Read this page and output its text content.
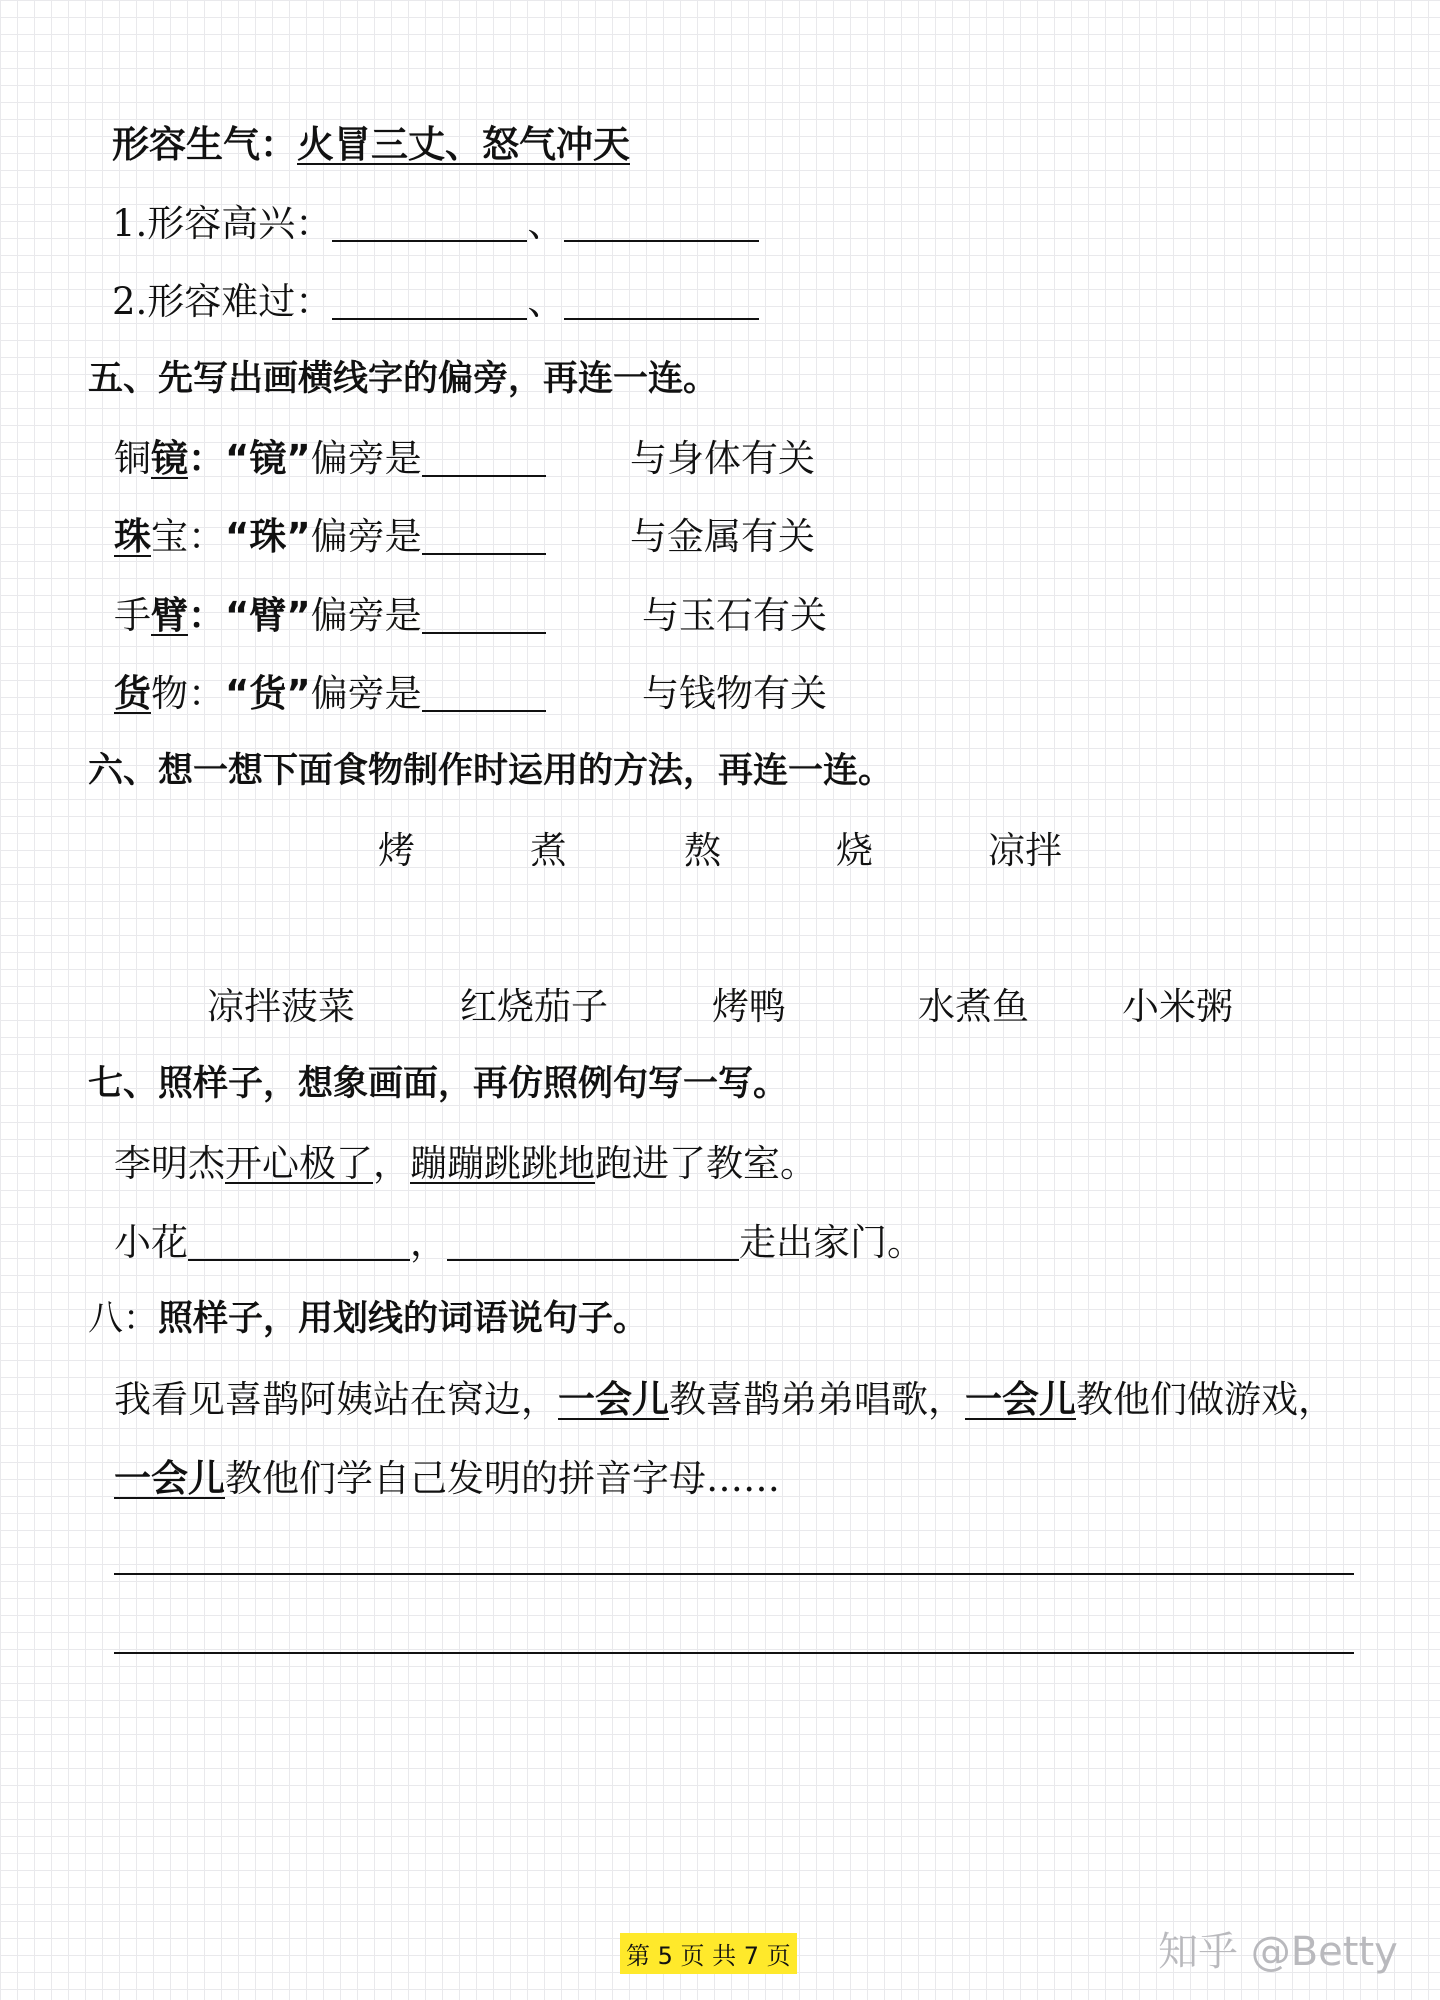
形容生气：火冒三丈、怒气冲天
1.形容高兴：	、
2.形容难过：	、
五、先写出画横线字的偏旁，再连一连。
铜镜：“镜”偏旁是	与身体有关
珠宝：“珠”偏旁是	与金属有关
手臂：“臂”偏旁是	与玉石有关
货物：“货”偏旁是	与钱物有关
六、想一想下面食物制作时运用的方法，再连一连。
烤	煮	熬	烧	凉拌
凉拌菠菜	红烧茄子	烤鸭	水煮鱼	小米粥
七、照样子，想象画面，再仿照例句写一写。
李明杰开心极了，蹦蹦跳跳地跑进了教室。
小花	，	走出家门。
八：照样子，用划线的词语说句子。
我看见喜鹊阿姨站在窝边，一会儿教喜鹊弟弟唱歌，一会儿教他们做游戏，
一会儿教他们学自己发明的拼音字母……
第 5 页 共 7 页	知乎 @Betty
